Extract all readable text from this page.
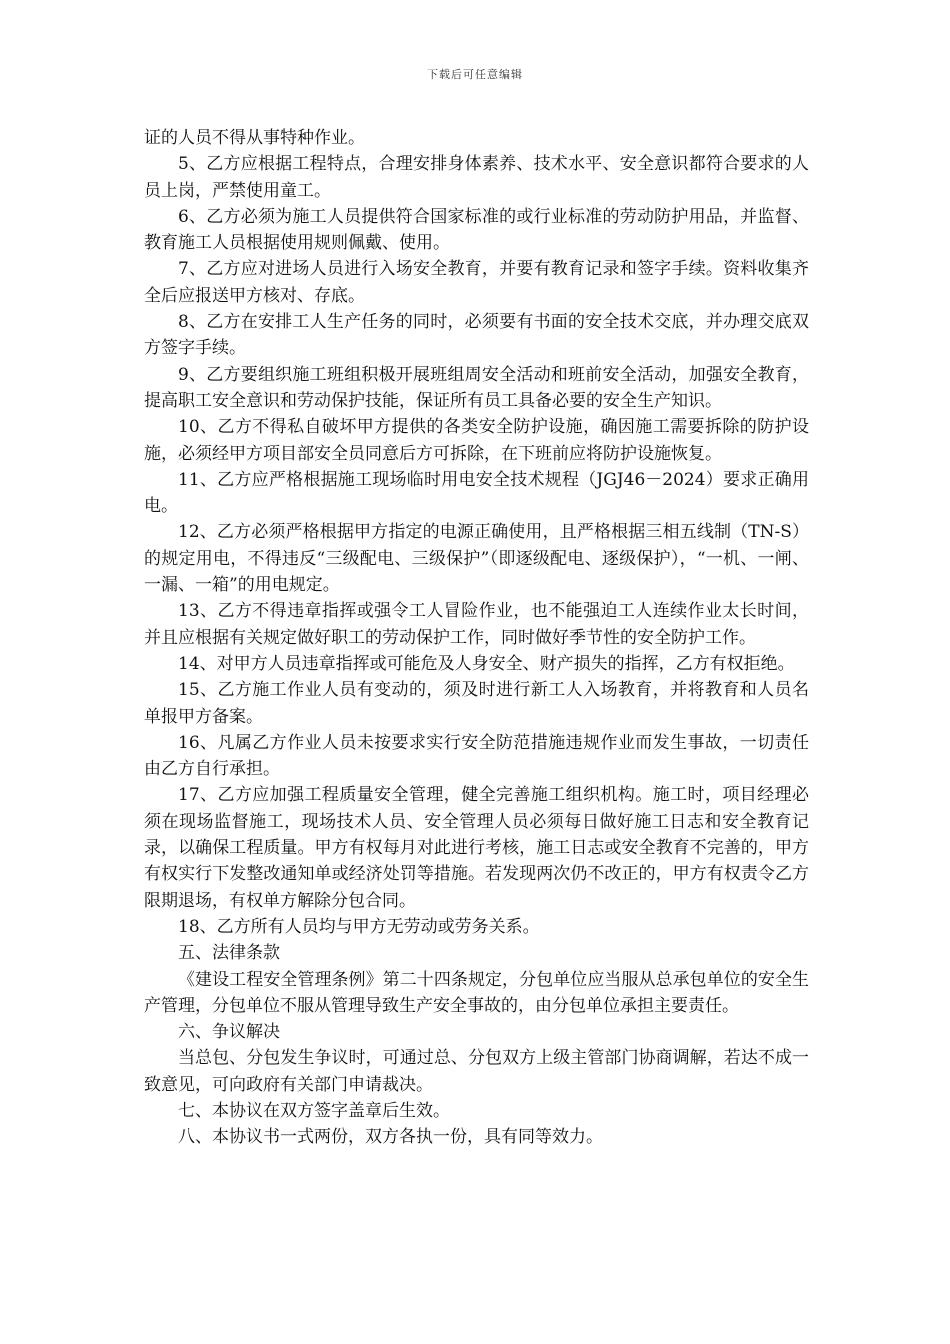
下载后可任意编辑

证的人员不得从事特种作业。

5、乙方应根据工程特点，合理安排身体素养、技术水平、安全意识都符合要求的人员上岗，严禁使用童工。

6、乙方必须为施工人员提供符合国家标准的或行业标准的劳动防护用品，并监督、教育施工人员根据使用规则佩戴、使用。

7、乙方应对进场人员进行入场安全教育，并要有教育记录和签字手续。资料收集齐全后应报送甲方核对、存底。

8、乙方在安排工人生产任务的同时，必须要有书面的安全技术交底，并办理交底双方签字手续。

9、乙方要组织施工班组积极开展班组周安全活动和班前安全活动，加强安全教育，提高职工安全意识和劳动保护技能，保证所有员工具备必要的安全生产知识。

10、乙方不得私自破坏甲方提供的各类安全防护设施，确因施工需要拆除的防护设施，必须经甲方项目部安全员同意后方可拆除，在下班前应将防护设施恢复。

11、乙方应严格根据施工现场临时用电安全技术规程（JGJ46－2024）要求正确用电。

12、乙方必须严格根据甲方指定的电源正确使用，且严格根据三相五线制（TN-S）的规定用电，不得违反“三级配电、三级保护”（即逐级配电、逐级保护），“一机、一闸、一漏、一箱”的用电规定。

13、乙方不得违章指挥或强令工人冒险作业，也不能强迫工人连续作业太长时间，并且应根据有关规定做好职工的劳动保护工作，同时做好季节性的安全防护工作。

14、对甲方人员违章指挥或可能危及人身安全、财产损失的指挥，乙方有权拒绝。

15、乙方施工作业人员有变动的，须及时进行新工人入场教育，并将教育和人员名单报甲方备案。

16、凡属乙方作业人员未按要求实行安全防范措施违规作业而发生事故，一切责任由乙方自行承担。

17、乙方应加强工程质量安全管理，健全完善施工组织机构。施工时，项目经理必须在现场监督施工，现场技术人员、安全管理人员必须每日做好施工日志和安全教育记录，以确保工程质量。甲方有权每月对此进行考核，施工日志或安全教育不完善的，甲方有权实行下发整改通知单或经济处罚等措施。若发现两次仍不改正的，甲方有权责令乙方限期退场，有权单方解除分包合同。

18、乙方所有人员均与甲方无劳动或劳务关系。

五、法律条款

《建设工程安全管理条例》第二十四条规定，分包单位应当服从总承包单位的安全生产管理，分包单位不服从管理导致生产安全事故的，由分包单位承担主要责任。

六、争议解决

当总包、分包发生争议时，可通过总、分包双方上级主管部门协商调解，若达不成一致意见，可向政府有关部门申请裁决。

七、本协议在双方签字盖章后生效。

八、本协议书一式两份，双方各执一份，具有同等效力。
